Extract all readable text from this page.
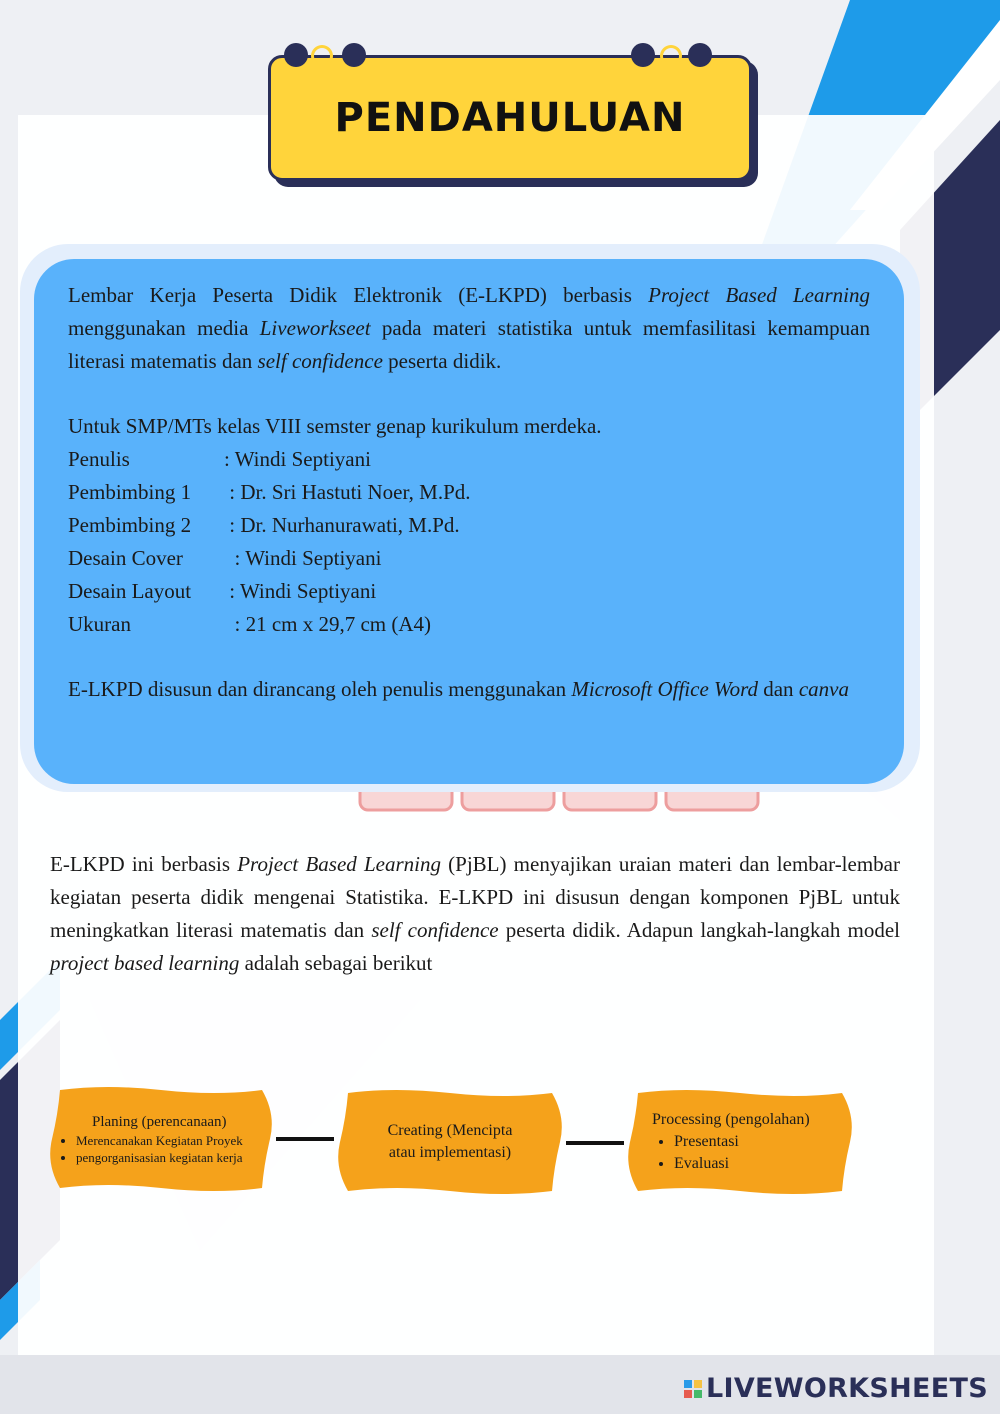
PENDAHULUAN

Lembar Kerja Peserta Didik Elektronik (E-LKPD) berbasis Project Based Learning menggunakan media Liveworkseet pada materi statistika untuk memfasilitasi kemampuan literasi matematis dan self confidence peserta didik.

Untuk SMP/MTs kelas VIII semster genap kurikulum merdeka.

Penulis	: Windi Septiyani
Pembimbing 1	: Dr. Sri Hastuti Noer, M.Pd.
Pembimbing 2	: Dr. Nurhanurawati, M.Pd.
Desain Cover	: Windi Septiyani
Desain Layout	: Windi Septiyani
Ukuran	: 21 cm x 29,7 cm (A4)

E-LKPD disusun dan dirancang oleh penulis menggunakan Microsoft Office Word dan canva

E-LKPD ini berbasis Project Based Learning (PjBL) menyajikan uraian materi dan lembar-lembar kegiatan peserta didik mengenai Statistika. E-LKPD ini disusun dengan komponen PjBL untuk meningkatkan literasi matematis dan self confidence peserta didik. Adapun langkah-langkah model project based learning adalah sebagai berikut

Planing (perencanaan)

• Merencanakan Kegiatan Proyek
• pengorganisasian kegiatan kerja

Creating (Mencipta

atau implementasi)

Processing (pengolahan)

• Presentasi
• Evaluasi
LIVEWORKSHEETS
